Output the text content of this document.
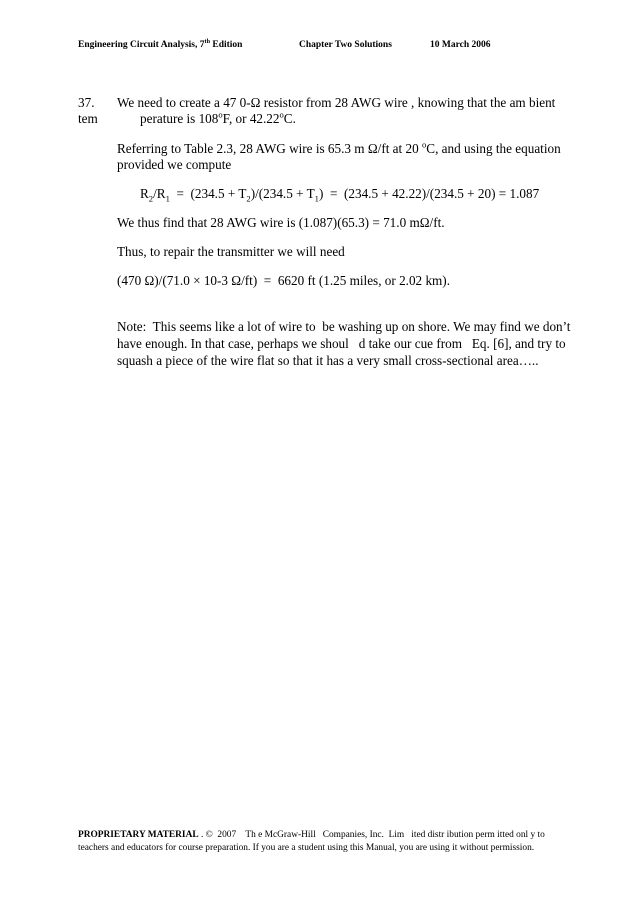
Engineering Circuit Analysis, 7th Edition	Chapter Two Solutions	10 March 2006
37. We need to create a 47 0-Ω resistor from 28 AWG wire , knowing that the am bient
tem	perature is 108$^o$F, or 42.22$^o$C.
Referring to Table 2.3, 28 AWG wire is 65.3 m Ω/ft at 20 $^o$C, and using the equation
provided we compute
$R_2/R_1 = (234.5 + T_2)/(234.5 + T_1) = (234.5 + 42.22)/(234.5 + 20) = 1.087$
We thus find that 28 AWG wire is (1.087)(65.3) = 71.0 mΩ/ft.
Thus, to repair the transmitter we will need
(470 Ω)/(71.0 × 10-3 Ω/ft)  =  6620 ft (1.25 miles, or 2.02 km).
Note:  This seems like a lot of wire to  be washing up on shore. We may find we don’t
have enough. In that case, perhaps we shoul   d take our cue from   Eq. [6], and try to
squash a piece of the wire flat so that it has a very small cross-sectional area…..
PROPRIETARY MATERIAL . ©  2007    Th e McGraw-Hill   Companies, Inc.  Lim   ited distr ibution perm itted onl y to
teachers and educators for course preparation. If you are a student using this Manual, you are using it without permission.
